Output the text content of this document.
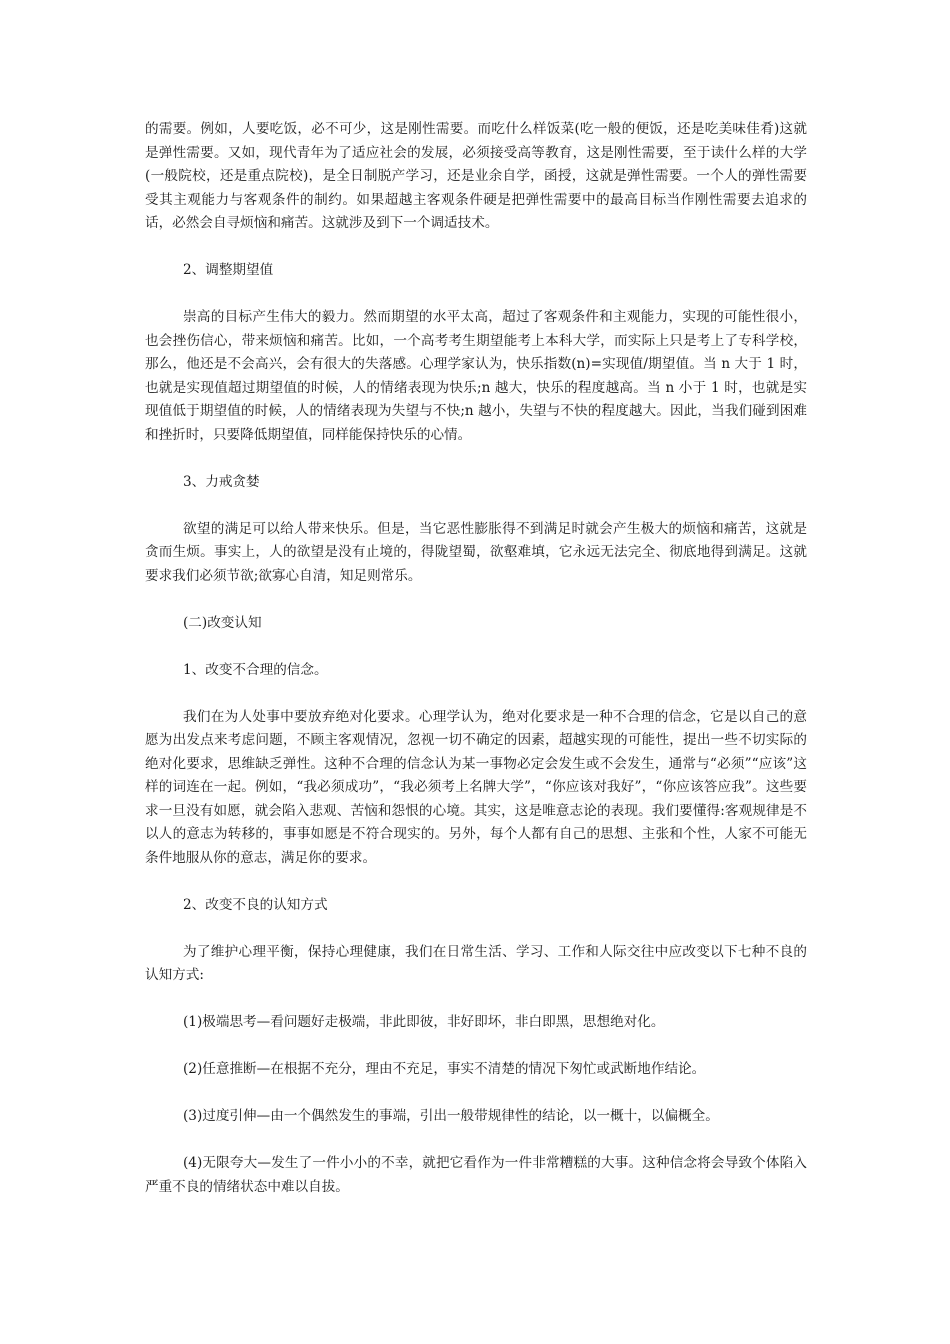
的需要。例如，人要吃饭，必不可少，这是刚性需要。而吃什么样饭菜(吃一般的便饭，还是吃美味佳肴)这就是弹性需要。又如，现代青年为了适应社会的发展，必须接受高等教育，这是刚性需要，至于读什么样的大学(一般院校，还是重点院校)，是全日制脱产学习，还是业余自学，函授，这就是弹性需要。一个人的弹性需要受其主观能力与客观条件的制约。如果超越主客观条件硬是把弹性需要中的最高目标当作刚性需要去追求的话，必然会自寻烦恼和痛苦。这就涉及到下一个调适技术。

2、调整期望值

崇高的目标产生伟大的毅力。然而期望的水平太高，超过了客观条件和主观能力，实现的可能性很小，也会挫伤信心，带来烦恼和痛苦。比如，一个高考考生期望能考上本科大学，而实际上只是考上了专科学校，那么，他还是不会高兴，会有很大的失落感。心理学家认为，快乐指数(n)=实现值/期望值。当 n 大于 1 时，也就是实现值超过期望值的时候，人的情绪表现为快乐;n 越大，快乐的程度越高。当 n 小于 1 时，也就是实现值低于期望值的时候，人的情绪表现为失望与不快;n 越小，失望与不快的程度越大。因此，当我们碰到困难和挫折时，只要降低期望值，同样能保持快乐的心情。

3、力戒贪婪

欲望的满足可以给人带来快乐。但是，当它恶性膨胀得不到满足时就会产生极大的烦恼和痛苦，这就是贪而生烦。事实上，人的欲望是没有止境的，得陇望蜀，欲壑难填，它永远无法完全、彻底地得到满足。这就要求我们必须节欲;欲寡心自清，知足则常乐。

(二)改变认知

1、改变不合理的信念。

我们在为人处事中要放弃绝对化要求。心理学认为，绝对化要求是一种不合理的信念，它是以自己的意愿为出发点来考虑问题，不顾主客观情况，忽视一切不确定的因素，超越实现的可能性，提出一些不切实际的绝对化要求，思维缺乏弹性。这种不合理的信念认为某一事物必定会发生或不会发生，通常与“必须”“应该”这样的词连在一起。例如，“我必须成功”，“我必须考上名牌大学”，“你应该对我好”，“你应该答应我”。这些要求一旦没有如愿，就会陷入悲观、苦恼和怨恨的心境。其实，这是唯意志论的表现。我们要懂得:客观规律是不以人的意志为转移的，事事如愿是不符合现实的。另外，每个人都有自己的思想、主张和个性，人家不可能无条件地服从你的意志，满足你的要求。

2、改变不良的认知方式

为了维护心理平衡，保持心理健康，我们在日常生活、学习、工作和人际交往中应改变以下七种不良的认知方式:

(1)极端思考—看问题好走极端，非此即彼，非好即坏，非白即黑，思想绝对化。

(2)任意推断—在根据不充分，理由不充足，事实不清楚的情况下匆忙或武断地作结论。

(3)过度引伸—由一个偶然发生的事端，引出一般带规律性的结论，以一概十，以偏概全。

(4)无限夸大—发生了一件小小的不幸，就把它看作为一件非常糟糕的大事。这种信念将会导致个体陷入严重不良的情绪状态中难以自拔。
